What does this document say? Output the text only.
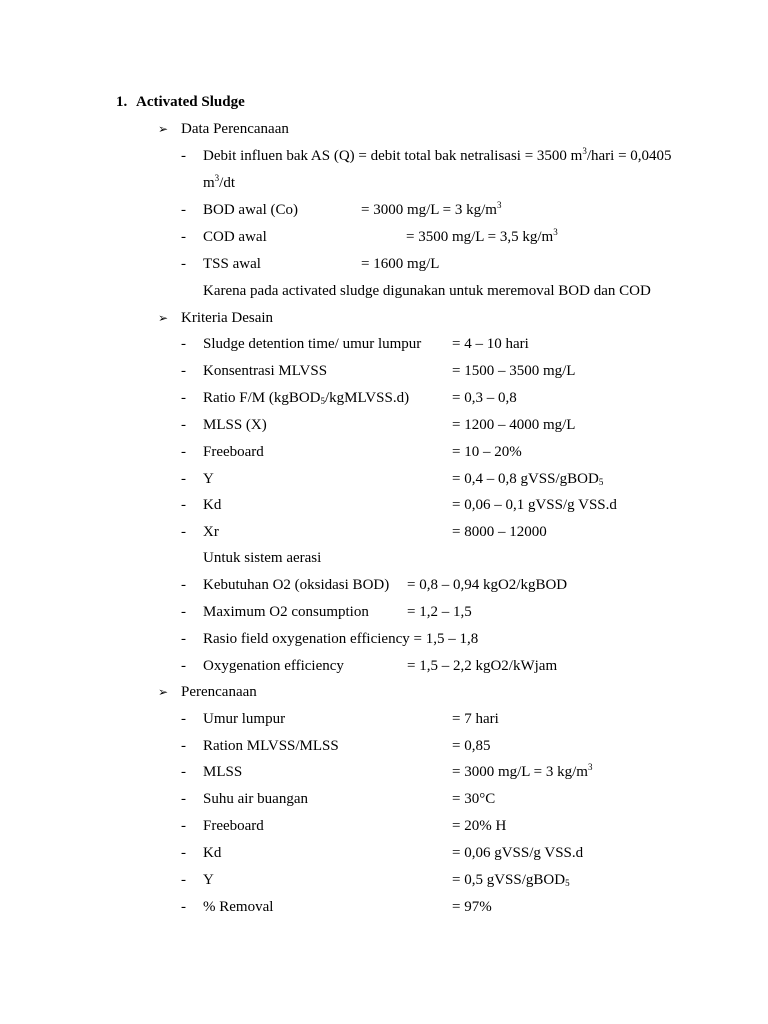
1. Activated Sludge
➢ Data Perencanaan
- Debit influen bak AS (Q) = debit total bak netralisasi = 3500 $m^3$/hari = 0,0405
$m^3/dt$
- BOD awal (Co)	= 3000 mg/L = 3 $kg/m^3$
- COD awal	= 3500 mg/L = 3,5 $kg/m^3$
- TSS awal	= 1600 mg/L
Karena pada activated sludge digunakan untuk meremoval BOD dan COD
➢ Kriteria Desain
- Sludge detention time/ umur lumpur = 4 – 10 hari
- Konsentrasi MLVSS	= 1500 – 3500 mg/L
- Ratio F/M (kgBOD$_5$/kgMLVSS.d)	= 0,3 – 0,8
- MLSS (X)	= 1200 – 4000 mg/L
- Freeboard	= 10 – 20%
- Y	= 0,4 – 0,8 gVSS/gBOD$_5$
- Kd	= 0,06 – 0,1 gVSS/g VSS.d
- Xr	= 8000 – 12000
Untuk sistem aerasi
- Kebutuhan O2 (oksidasi BOD) = 0,8 – 0,94 kgO2/kgBOD
- Maximum O2 consumption	= 1,2 – 1,5
- Rasio field oxygenation efficiency = 1,5 – 1,8
- Oxygenation efficiency	= 1,5 – 2,2 kgO2/kWjam
➢ Perencanaan
- Umur lumpur	= 7 hari
- Ration MLVSS/MLSS	= 0,85
- MLSS	= 3000 mg/L = 3 $kg/m^3$
- Suhu air buangan	= 30°C
- Freeboard	= 20% H
- Kd	= 0,06 gVSS/g VSS.d
- Y	= 0,5 gVSS/gBOD$_5$
- % Removal	= 97%
